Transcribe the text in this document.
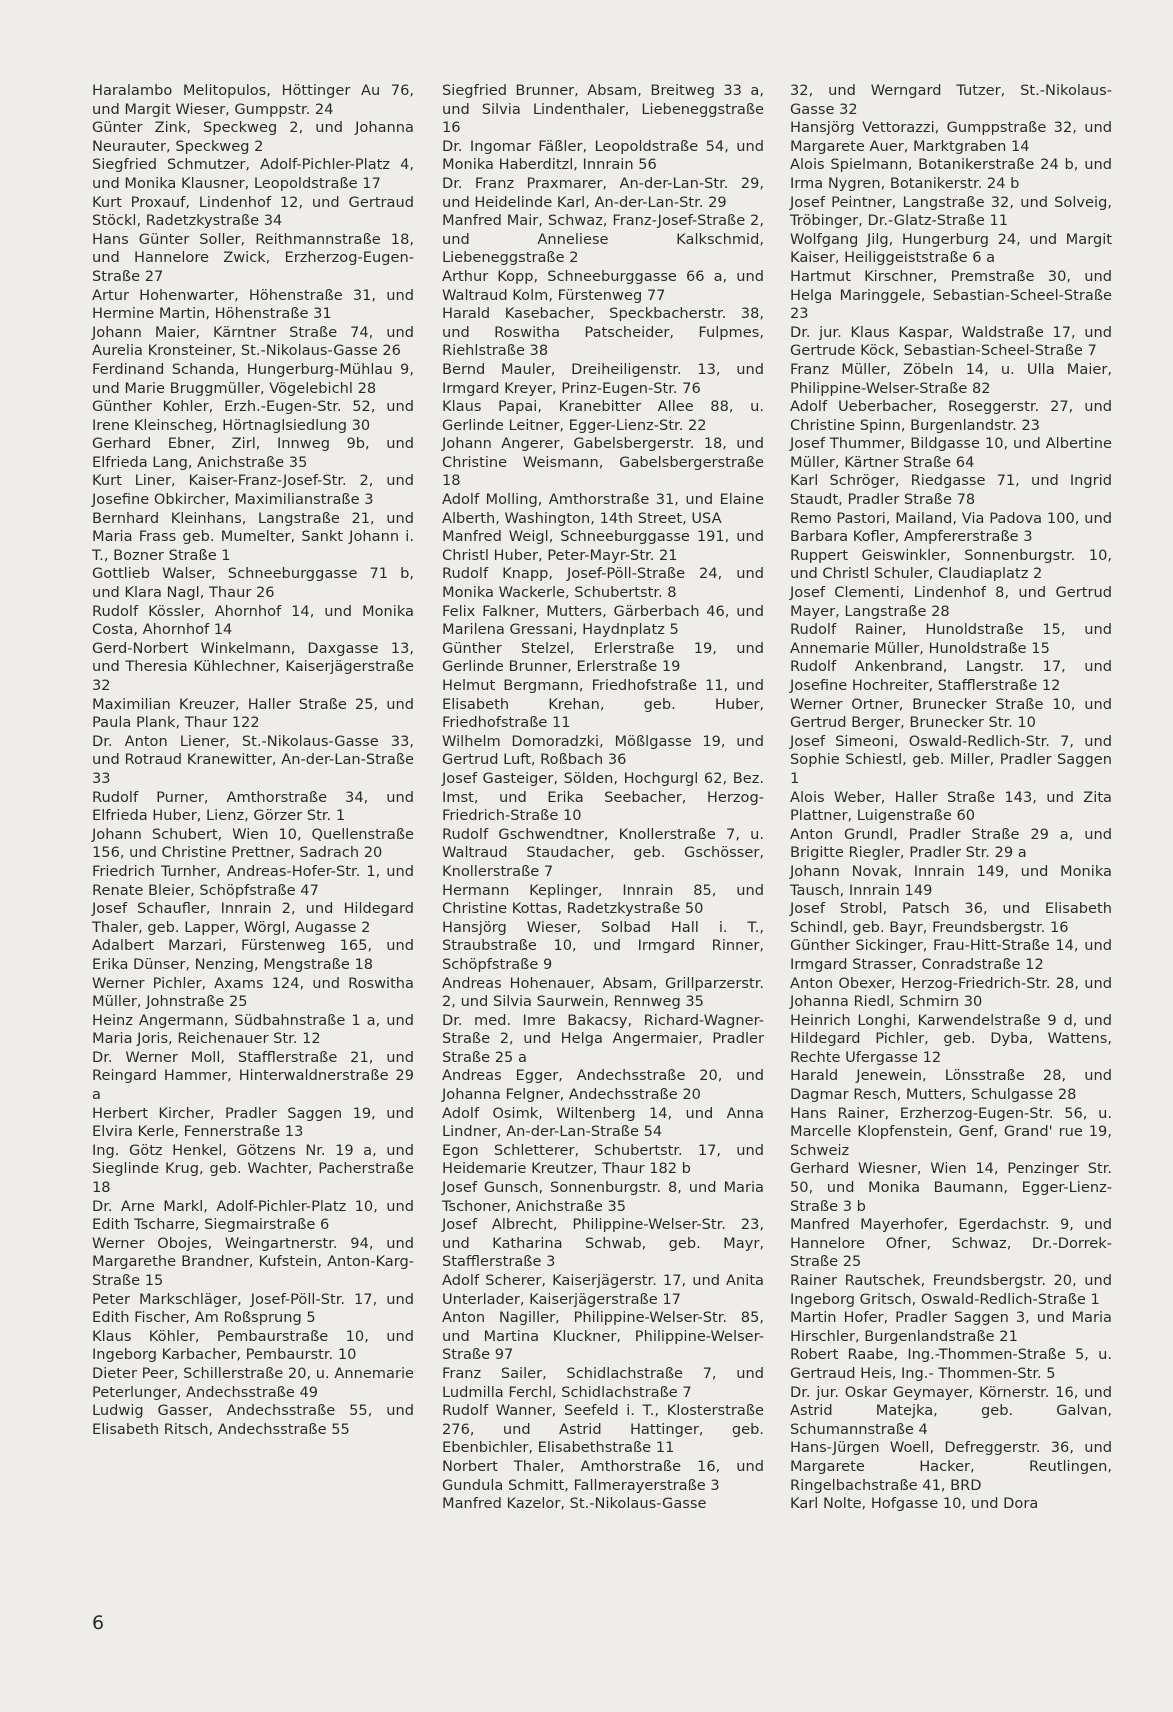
Haralambo Melitopulos, Höttinger Au 76, und Margit Wieser, Gumppstr. 24

Günter Zink, Speckweg 2, und Johanna Neurauter, Speckweg 2

Siegfried Schmutzer, Adolf-Pichler-Platz 4, und Monika Klausner, Leopoldstraße 17

Kurt Proxauf, Lindenhof 12, und Gertraud Stöckl, Radetzkystraße 34

Hans Günter Soller, Reithmannstraße 18, und Hannelore Zwick, Erzherzog-Eugen-Straße 27

Artur Hohenwarter, Höhenstraße 31, und Hermine Martin, Höhenstraße 31

Johann Maier, Kärntner Straße 74, und Aurelia Kronsteiner, St.-Nikolaus-Gasse 26

Ferdinand Schanda, Hungerburg-Mühlau 9, und Marie Bruggmüller, Vögelebichl 28

Günther Kohler, Erzh.-Eugen-Str. 52, und Irene Kleinscheg, Hörtnaglsiedlung 30

Gerhard Ebner, Zirl, Innweg 9b, und Elfrieda Lang, Anichstraße 35

Kurt Liner, Kaiser-Franz-Josef-Str. 2, und Josefine Obkircher, Maximilianstraße 3

Bernhard Kleinhans, Langstraße 21, und Maria Frass geb. Mumelter, Sankt Johann i. T., Bozner Straße 1

Gottlieb Walser, Schneeburggasse 71 b, und Klara Nagl, Thaur 26

Rudolf Kössler, Ahornhof 14, und Monika Costa, Ahornhof 14

Gerd-Norbert Winkelmann, Daxgasse 13, und Theresia Kühlechner, Kaiserjägerstraße 32

Maximilian Kreuzer, Haller Straße 25, und Paula Plank, Thaur 122

Dr. Anton Liener, St.-Nikolaus-Gasse 33, und Rotraud Kranewitter, An-der-Lan-Straße 33

Rudolf Purner, Amthorstraße 34, und Elfrieda Huber, Lienz, Görzer Str. 1

Johann Schubert, Wien 10, Quellenstraße 156, und Christine Prettner, Sadrach 20

Friedrich Turnher, Andreas-Hofer-Str. 1, und Renate Bleier, Schöpfstraße 47

Josef Schaufler, Innrain 2, und Hildegard Thaler, geb. Lapper, Wörgl, Augasse 2

Adalbert Marzari, Fürstenweg 165, und Erika Dünser, Nenzing, Mengstraße 18

Werner Pichler, Axams 124, und Roswitha Müller, Johnstraße 25

Heinz Angermann, Südbahnstraße 1 a, und Maria Joris, Reichenauer Str. 12

Dr. Werner Moll, Stafflerstraße 21, und Reingard Hammer, Hinterwaldnerstraße 29 a

Herbert Kircher, Pradler Saggen 19, und Elvira Kerle, Fennerstraße 13

Ing. Götz Henkel, Götzens Nr. 19 a, und Sieglinde Krug, geb. Wachter, Pacherstraße 18

Dr. Arne Markl, Adolf-Pichler-Platz 10, und Edith Tscharre, Siegmairstraße 6

Werner Obojes, Weingartnerstr. 94, und Margarethe Brandner, Kufstein, Anton-Karg-Straße 15

Peter Markschläger, Josef-Pöll-Str. 17, und Edith Fischer, Am Roßsprung 5

Klaus Köhler, Pembaurstraße 10, und Ingeborg Karbacher, Pembaurstr. 10

Dieter Peer, Schillerstraße 20, u. Annemarie Peterlunger, Andechsstraße 49

Ludwig Gasser, Andechsstraße 55, und Elisabeth Ritsch, Andechsstraße 55

Siegfried Brunner, Absam, Breitweg 33 a, und Silvia Lindenthaler, Liebeneggstraße 16

Dr. Ingomar Fäßler, Leopoldstraße 54, und Monika Haberditzl, Innrain 56

Dr. Franz Praxmarer, An-der-Lan-Str. 29, und Heidelinde Karl, An-der-Lan-Str. 29

Manfred Mair, Schwaz, Franz-Josef-Straße 2, und Anneliese Kalkschmid, Liebeneggstraße 2

Arthur Kopp, Schneeburggasse 66 a, und Waltraud Kolm, Fürstenweg 77

Harald Kasebacher, Speckbacherstr. 38, und Roswitha Patscheider, Fulpmes, Riehlstraße 38

Bernd Mauler, Dreiheiligenstr. 13, und Irmgard Kreyer, Prinz-Eugen-Str. 76

Klaus Papai, Kranebitter Allee 88, u. Gerlinde Leitner, Egger-Lienz-Str. 22

Johann Angerer, Gabelsbergerstr. 18, und Christine Weismann, Gabelsbergerstraße 18

Adolf Molling, Amthorstraße 31, und Elaine Alberth, Washington, 14th Street, USA

Manfred Weigl, Schneeburggasse 191, und Christl Huber, Peter-Mayr-Str. 21

Rudolf Knapp, Josef-Pöll-Straße 24, und Monika Wackerle, Schubertstr. 8

Felix Falkner, Mutters, Gärberbach 46, und Marilena Gressani, Haydnplatz 5

Günther Stelzel, Erlerstraße 19, und Gerlinde Brunner, Erlerstraße 19

Helmut Bergmann, Friedhofstraße 11, und Elisabeth Krehan, geb. Huber, Friedhofstraße 11

Wilhelm Domoradzki, Mößlgasse 19, und Gertrud Luft, Roßbach 36

Josef Gasteiger, Sölden, Hochgurgl 62, Bez. Imst, und Erika Seebacher, Herzog-Friedrich-Straße 10

Rudolf Gschwendtner, Knollerstraße 7, u. Waltraud Staudacher, geb. Gschösser, Knollerstraße 7

Hermann Keplinger, Innrain 85, und Christine Kottas, Radetzkystraße 50

Hansjörg Wieser, Solbad Hall i. T., Straubstraße 10, und Irmgard Rinner, Schöpfstraße 9

Andreas Hohenauer, Absam, Grillparzerstr. 2, und Silvia Saurwein, Rennweg 35

Dr. med. Imre Bakacsy, Richard-Wagner-Straße 2, und Helga Angermaier, Pradler Straße 25 a

Andreas Egger, Andechsstraße 20, und Johanna Felgner, Andechsstraße 20

Adolf Osimk, Wiltenberg 14, und Anna Lindner, An-der-Lan-Straße 54

Egon Schletterer, Schubertstr. 17, und Heidemarie Kreutzer, Thaur 182 b

Josef Gunsch, Sonnenburgstr. 8, und Maria Tschoner, Anichstraße 35

Josef Albrecht, Philippine-Welser-Str. 23, und Katharina Schwab, geb. Mayr, Stafflerstraße 3

Adolf Scherer, Kaiserjägerstr. 17, und Anita Unterlader, Kaiserjägerstraße 17

Anton Nagiller, Philippine-Welser-Str. 85, und Martina Kluckner, Philippine-Welser-Straße 97

Franz Sailer, Schidlachstraße 7, und Ludmilla Ferchl, Schidlachstraße 7

Rudolf Wanner, Seefeld i. T., Klosterstraße 276, und Astrid Hattinger, geb. Ebenbichler, Elisabethstraße 11

Norbert Thaler, Amthorstraße 16, und Gundula Schmitt, Fallmerayerstraße 3

Manfred Kazelor, St.-Nikolaus-Gasse

32, und Werngard Tutzer, St.-Nikolaus-Gasse 32

Hansjörg Vettorazzi, Gumppstraße 32, und Margarete Auer, Marktgraben 14

Alois Spielmann, Botanikerstraße 24 b, und Irma Nygren, Botanikerstr. 24 b

Josef Peintner, Langstraße 32, und Solveig, Tröbinger, Dr.-Glatz-Straße 11

Wolfgang Jilg, Hungerburg 24, und Margit Kaiser, Heiliggeiststraße 6 a

Hartmut Kirschner, Premstraße 30, und Helga Maringgele, Sebastian-Scheel-Straße 23

Dr. jur. Klaus Kaspar, Waldstraße 17, und Gertrude Köck, Sebastian-Scheel-Straße 7

Franz Müller, Zöbeln 14, u. Ulla Maier, Philippine-Welser-Straße 82

Adolf Ueberbacher, Roseggerstr. 27, und Christine Spinn, Burgenlandstr. 23

Josef Thummer, Bildgasse 10, und Albertine Müller, Kärtner Straße 64

Karl Schröger, Riedgasse 71, und Ingrid Staudt, Pradler Straße 78

Remo Pastori, Mailand, Via Padova 100, und Barbara Kofler, Ampfererstraße 3

Ruppert Geiswinkler, Sonnenburgstr. 10, und Christl Schuler, Claudiaplatz 2

Josef Clementi, Lindenhof 8, und Gertrud Mayer, Langstraße 28

Rudolf Rainer, Hunoldstraße 15, und Annemarie Müller, Hunoldstraße 15

Rudolf Ankenbrand, Langstr. 17, und Josefine Hochreiter, Stafflerstraße 12

Werner Ortner, Brunecker Straße 10, und Gertrud Berger, Brunecker Str. 10

Josef Simeoni, Oswald-Redlich-Str. 7, und Sophie Schiestl, geb. Miller, Pradler Saggen 1

Alois Weber, Haller Straße 143, und Zita Plattner, Luigenstraße 60

Anton Grundl, Pradler Straße 29 a, und Brigitte Riegler, Pradler Str. 29 a

Johann Novak, Innrain 149, und Monika Tausch, Innrain 149

Josef Strobl, Patsch 36, und Elisabeth Schindl, geb. Bayr, Freundsbergstr. 16

Günther Sickinger, Frau-Hitt-Straße 14, und Irmgard Strasser, Conradstraße 12

Anton Obexer, Herzog-Friedrich-Str. 28, und Johanna Riedl, Schmirn 30

Heinrich Longhi, Karwendelstraße 9 d, und Hildegard Pichler, geb. Dyba, Wattens, Rechte Ufergasse 12

Harald Jenewein, Lönsstraße 28, und Dagmar Resch, Mutters, Schulgasse 28

Hans Rainer, Erzherzog-Eugen-Str. 56, u. Marcelle Klopfenstein, Genf, Grand' rue 19, Schweiz

Gerhard Wiesner, Wien 14, Penzinger Str. 50, und Monika Baumann, Egger-Lienz-Straße 3 b

Manfred Mayerhofer, Egerdachstr. 9, und Hannelore Ofner, Schwaz, Dr.-Dorrek-Straße 25

Rainer Rautschek, Freundsbergstr. 20, und Ingeborg Gritsch, Oswald-Redlich-Straße 1

Martin Hofer, Pradler Saggen 3, und Maria Hirschler, Burgenlandstraße 21

Robert Raabe, Ing.-Thommen-Straße 5, u. Gertraud Heis, Ing.- Thommen-Str. 5

Dr. jur. Oskar Geymayer, Körnerstr. 16, und Astrid Matejka, geb. Galvan, Schumannstraße 4

Hans-Jürgen Woell, Defreggerstr. 36, und Margarete Hacker, Reutlingen, Ringelbachstraße 41, BRD

Karl Nolte, Hofgasse 10, und Dora

6
